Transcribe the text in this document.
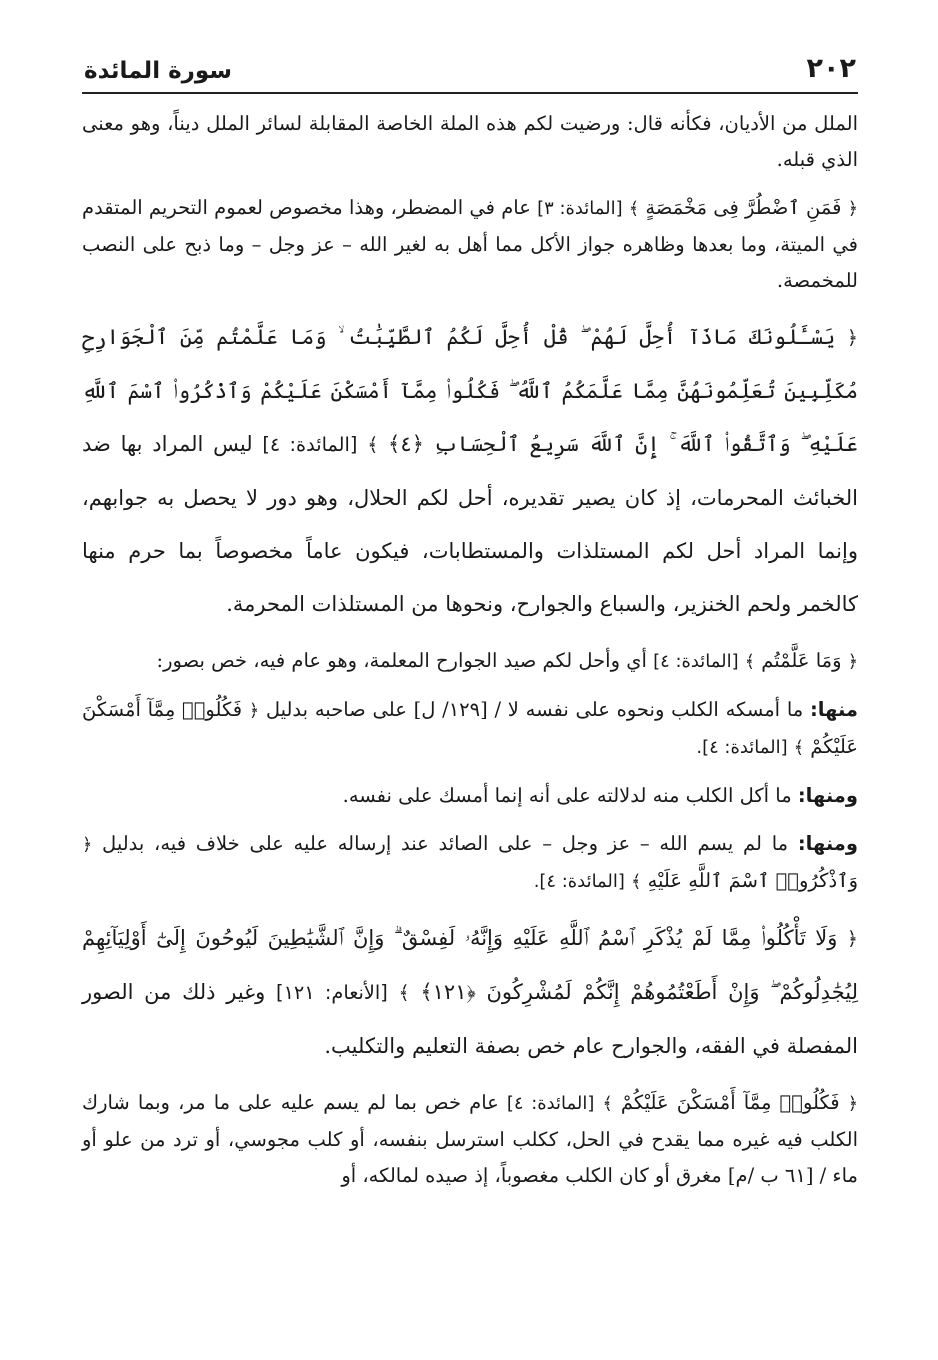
٢٠٢
سورة المائدة

الملل من الأديان، فكأنه قال: ورضيت لكم هذه الملة الخاصة المقابلة لسائر الملل ديناً، وهو معنى الذي قبله.

﴿ فَمَنِ ٱضْطُرَّ فِى مَخْمَصَةٍ ﴾ [المائدة: ٣] عام في المضطر، وهذا مخصوص لعموم التحريم المتقدم في الميتة، وما بعدها وظاهره جواز الأكل مما أهل به لغير الله – عز وجل – وما ذبح على النصب للمخمصة.

﴿ يَسْـَٔلُونَكَ مَاذَآ أُحِلَّ لَهُمْ ۖ قُلْ أُحِلَّ لَكُمُ ٱلطَّيِّبَٰتُ ۙ وَمَا عَلَّمْتُم مِّنَ ٱلْجَوَارِحِ مُكَلِّبِينَ تُعَلِّمُونَهُنَّ مِمَّا عَلَّمَكُمُ ٱللَّهُ ۖ فَكُلُوا۟ مِمَّآ أَمْسَكْنَ عَلَيْكُمْ وَٱذْكُرُوا۟ ٱسْمَ ٱللَّهِ عَلَيْهِ ۖ وَٱتَّقُوا۟ ٱللَّهَ ۚ إِنَّ ٱللَّهَ سَرِيعُ ٱلْحِسَابِ ﴿٤﴾ ﴾ [المائدة: ٤] ليس المراد بها ضد الخبائث المحرمات، إذ كان يصير تقديره، أحل لكم الحلال، وهو دور لا يحصل به جوابهم، وإنما المراد أحل لكم المستلذات والمستطابات، فيكون عاماً مخصوصاً بما حرم منها كالخمر ولحم الخنزير، والسباع والجوارح، ونحوها من المستلذات المحرمة.

﴿ وَمَا عَلَّمْتُم ﴾ [المائدة: ٤] أي وأحل لكم صيد الجوارح المعلمة، وهو عام فيه، خص بصور:

منها: ما أمسكه الكلب ونحوه على نفسه لا / [١٢٩/ ل] على صاحبه بدليل ﴿ فَكُلُوا۟ مِمَّآ أَمْسَكْنَ عَلَيْكُمْ ﴾ [المائدة: ٤].

ومنها: ما أكل الكلب منه لدلالته على أنه إنما أمسك على نفسه.

ومنها: ما لم يسم الله – عز وجل – على الصائد عند إرساله عليه على خلاف فيه، بدليل ﴿ وَٱذْكُرُوا۟ ٱسْمَ ٱللَّهِ عَلَيْهِ ﴾ [المائدة: ٤].

﴿ وَلَا تَأْكُلُوا۟ مِمَّا لَمْ يُذْكَرِ ٱسْمُ ٱللَّهِ عَلَيْهِ وَإِنَّهُۥ لَفِسْقٌ ۗ وَإِنَّ ٱلشَّيَٰطِينَ لَيُوحُونَ إِلَىٰٓ أَوْلِيَآئِهِمْ لِيُجَٰدِلُوكُمْ ۖ وَإِنْ أَطَعْتُمُوهُمْ إِنَّكُمْ لَمُشْرِكُونَ ﴿١٢١﴾ ﴾ [الأنعام: ١٢١] وغير ذلك من الصور المفصلة في الفقه، والجوارح عام خص بصفة التعليم والتكليب.

﴿ فَكُلُوا۟ مِمَّآ أَمْسَكْنَ عَلَيْكُمْ ﴾ [المائدة: ٤] عام خص بما لم يسم عليه على ما مر، وبما شارك الكلب فيه غيره مما يقدح في الحل، ككلب استرسل بنفسه، أو كلب مجوسي، أو ترد من علو أو ماء / [٦١ ب /م] مغرق أو كان الكلب مغصوباً، إذ صيده لمالكه، أو
